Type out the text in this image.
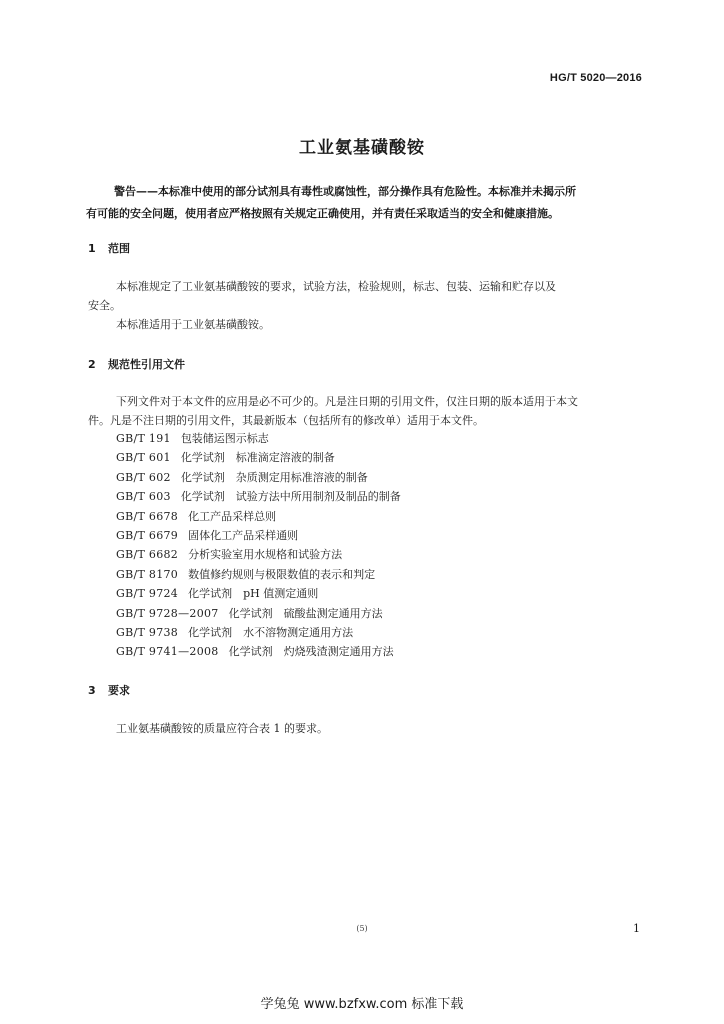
HG/T 5020—2016
工业氨基磺酸铵
警告——本标准中使用的部分试剂具有毒性或腐蚀性，部分操作具有危险性。本标准并未揭示所
有可能的安全问题，使用者应严格按照有关规定正确使用，并有责任采取适当的安全和健康措施。
1 范围
本标准规定了工业氨基磺酸铵的要求，试验方法，检验规则，标志、包装、运输和贮存以及
安全。
本标准适用于工业氨基磺酸铵。
2 规范性引用文件
下列文件对于本文件的应用是必不可少的。凡是注日期的引用文件，仅注日期的版本适用于本文
件。凡是不注日期的引用文件，其最新版本（包括所有的修改单）适用于本文件。
GB/T 191 包装储运图示标志
GB/T 601 化学试剂　标准滴定溶液的制备
GB/T 602 化学试剂　杂质测定用标准溶液的制备
GB/T 603 化学试剂　试验方法中所用制剂及制品的制备
GB/T 6678 化工产品采样总则
GB/T 6679 固体化工产品采样通则
GB/T 6682 分析实验室用水规格和试验方法
GB/T 8170 数值修约规则与极限数值的表示和判定
GB/T 9724 化学试剂　pH 值测定通则
GB/T 9728—2007 化学试剂　硫酸盐测定通用方法
GB/T 9738 化学试剂　水不溶物测定通用方法
GB/T 9741—2008 化学试剂　灼烧残渣测定通用方法
3 要求
工业氨基磺酸铵的质量应符合表 1 的要求。
(5)	1
学兔兔 www.bzfxw.com 标准下载
